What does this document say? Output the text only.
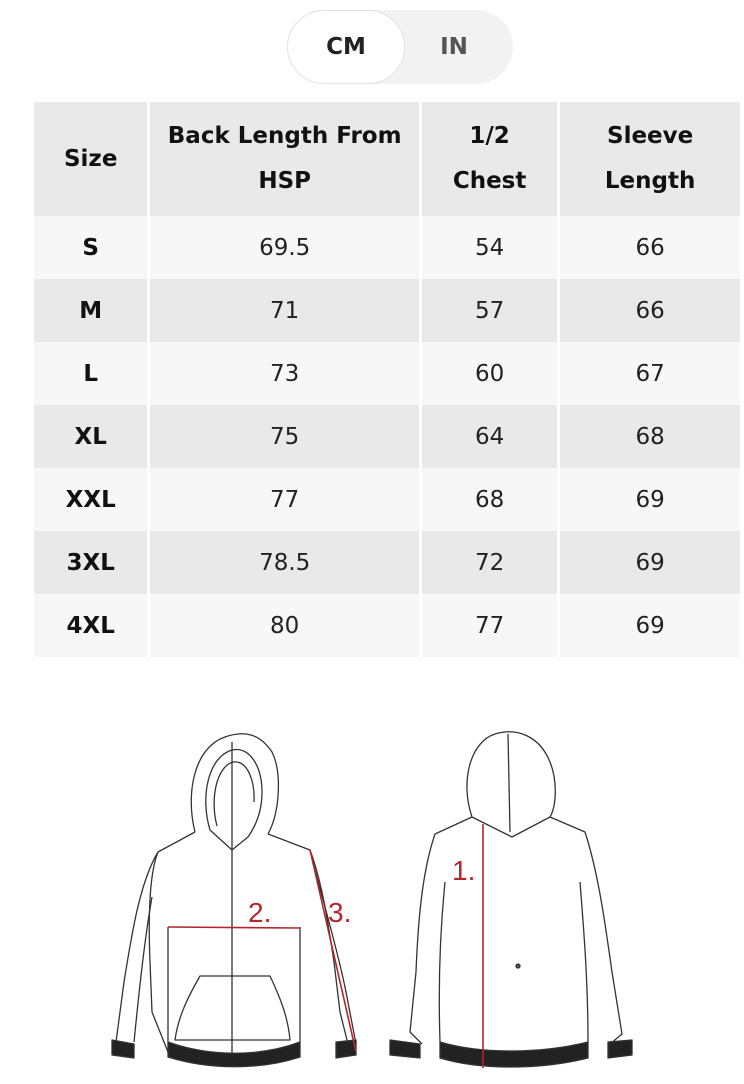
CM	IN
Size	Back Length From HSP	1/2 Chest	Sleeve Length
S	69.5	54	66
M	71	57	66
L	73	60	67
XL	75	64	68
XXL	77	68	69
3XL	78.5	72	69
4XL	80	77	69
2. 3.
1.
